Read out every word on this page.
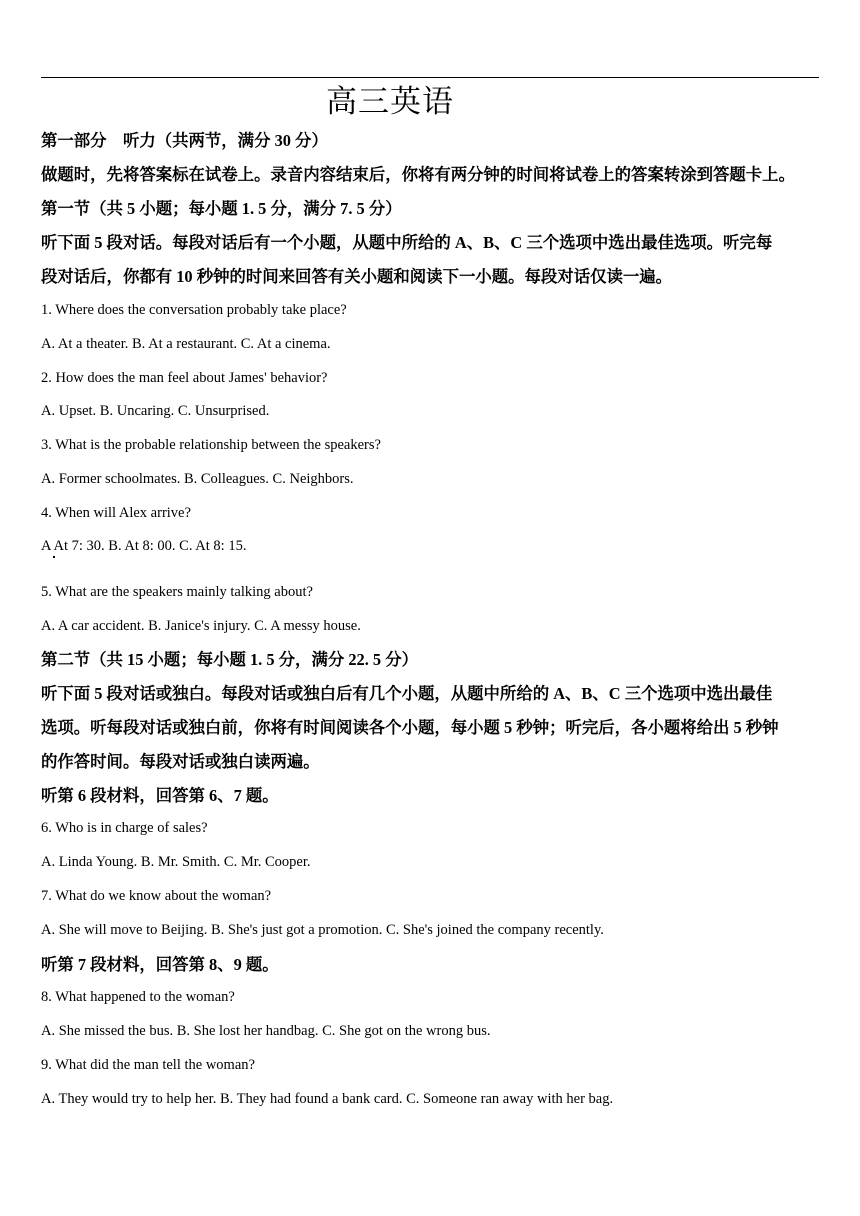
高三英语
第一部分　听力（共两节，满分 30 分）
做题时，先将答案标在试卷上。录音内容结束后，你将有两分钟的时间将试卷上的答案转涂到答题卡上。
第一节（共 5 小题；每小题 1. 5 分，满分 7. 5 分）
听下面 5 段对话。每段对话后有一个小题，从题中所给的 A、B、C 三个选项中选出最佳选项。听完每
段对话后，你都有 10 秒钟的时间来回答有关小题和阅读下一小题。每段对话仅读一遍。
1. Where does the conversation probably take place?
A. At a theater. B. At a restaurant. C. At a cinema.
2. How does the man feel about James' behavior?
A. Upset. B. Uncaring. C. Unsurprised.
3. What is the probable relationship between the speakers?
A. Former schoolmates. B. Colleagues. C. Neighbors.
4. When will Alex arrive?
A At 7: 30. B. At 8: 00. C. At 8: 15.
5. What are the speakers mainly talking about?
A. A car accident. B. Janice's injury. C. A messy house.
第二节（共 15 小题；每小题 1. 5 分，满分 22. 5 分）
听下面 5 段对话或独白。每段对话或独白后有几个小题，从题中所给的 A、B、C 三个选项中选出最佳
选项。听每段对话或独白前，你将有时间阅读各个小题，每小题 5 秒钟；听完后，各小题将给出 5 秒钟
的作答时间。每段对话或独白读两遍。
听第 6 段材料，回答第 6、7 题。
6. Who is in charge of sales?
A. Linda Young. B. Mr. Smith. C. Mr. Cooper.
7. What do we know about the woman?
A. She will move to Beijing. B. She's just got a promotion. C. She's joined the company recently.
听第 7 段材料，回答第 8、9 题。
8. What happened to the woman?
A. She missed the bus. B. She lost her handbag. C. She got on the wrong bus.
9. What did the man tell the woman?
A. They would try to help her. B. They had found a bank card. C. Someone ran away with her bag.
